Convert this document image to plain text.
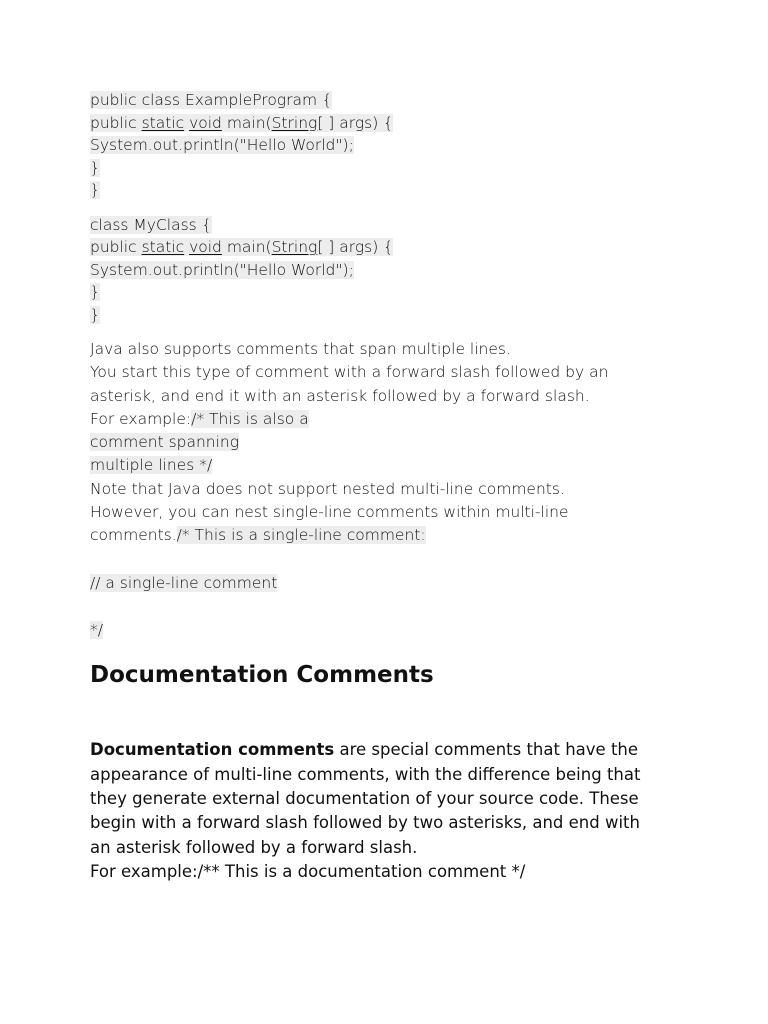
public class ExampleProgram {
public static void main(String[ ] args) {
System.out.println("Hello World");
}
}
class MyClass {
public static void main(String[ ] args) {
System.out.println("Hello World");
}
}
Java also supports comments that span multiple lines.
You start this type of comment with a forward slash followed by an
asterisk, and end it with an asterisk followed by a forward slash.
For example:/* This is also a
comment spanning
multiple lines */
Note that Java does not support nested multi-line comments.
However, you can nest single-line comments within multi-line
comments./* This is a single-line comment:
// a single-line comment
*/
Documentation Comments
Documentation comments are special comments that have the
appearance of multi-line comments, with the difference being that
they generate external documentation of your source code. These
begin with a forward slash followed by two asterisks, and end with
an asterisk followed by a forward slash.
For example:/** This is a documentation comment */
